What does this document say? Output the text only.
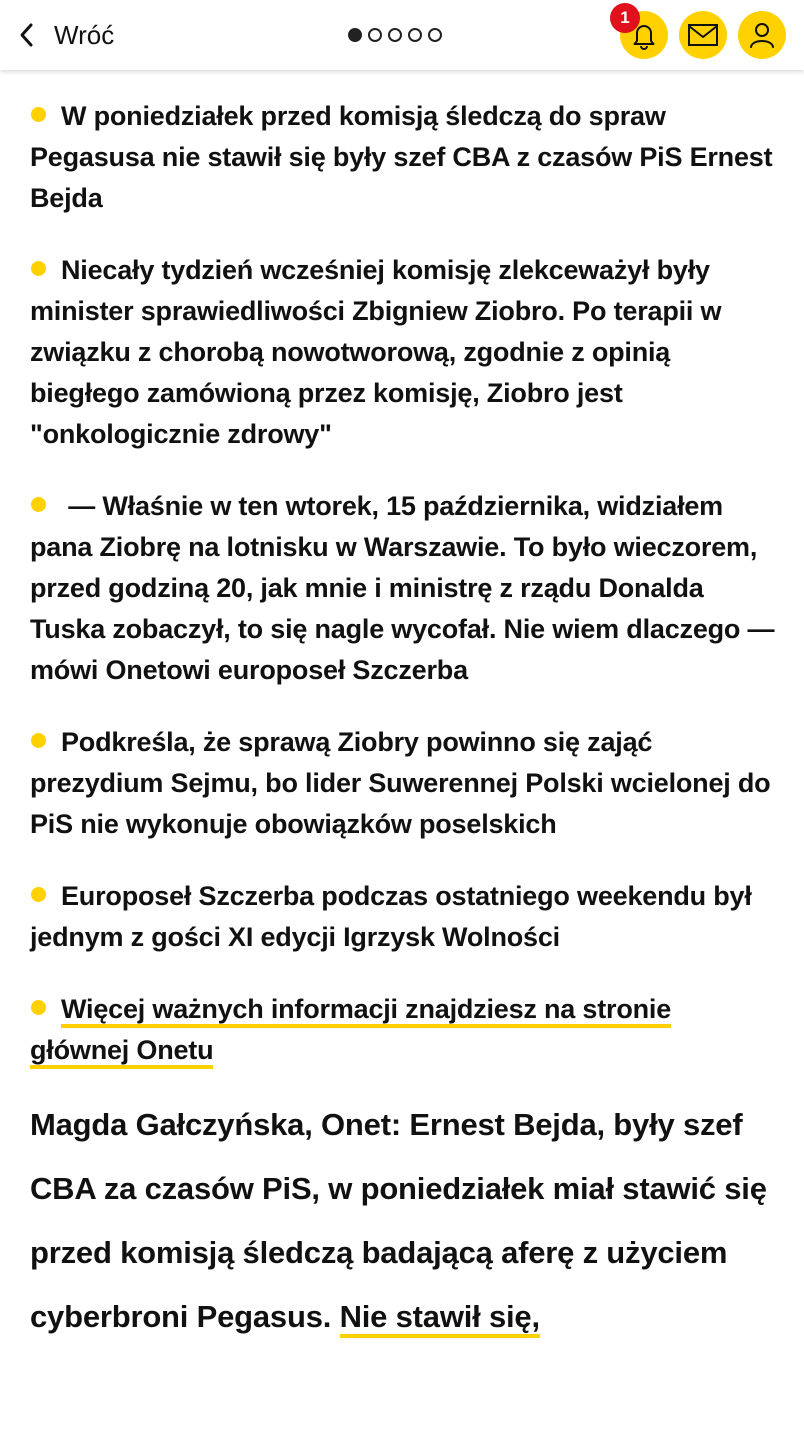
Wróć
1
W poniedziałek przed komisją śledczą do spraw Pegasusa nie stawił się były szef CBA z czasów PiS Ernest Bejda
Niecały tydzień wcześniej komisję zlekceważył były minister sprawiedliwości Zbigniew Ziobro. Po terapii w związku z chorobą nowotworową, zgodnie z opinią biegłego zamówioną przez komisję, Ziobro jest "onkologicznie zdrowy"
— Właśnie w ten wtorek, 15 października, widziałem pana Ziobrę na lotnisku w Warszawie. To było wieczorem, przed godziną 20, jak mnie i ministrę z rządu Donalda Tuska zobaczył, to się nagle wycofał. Nie wiem dlaczego — mówi Onetowi europoseł Szczerba
Podkreśla, że sprawą Ziobry powinno się zająć prezydium Sejmu, bo lider Suwerennej Polski wcielonej do PiS nie wykonuje obowiązków poselskich
Europoseł Szczerba podczas ostatniego weekendu był jednym z gości XI edycji Igrzysk Wolności
Więcej ważnych informacji znajdziesz na stronie głównej Onetu

Magda Gałczyńska, Onet: Ernest Bejda, były szef CBA za czasów PiS, w poniedziałek miał stawić się przed komisją śledczą badającą aferę z użyciem cyberbroni Pegasus. Nie stawił się,
